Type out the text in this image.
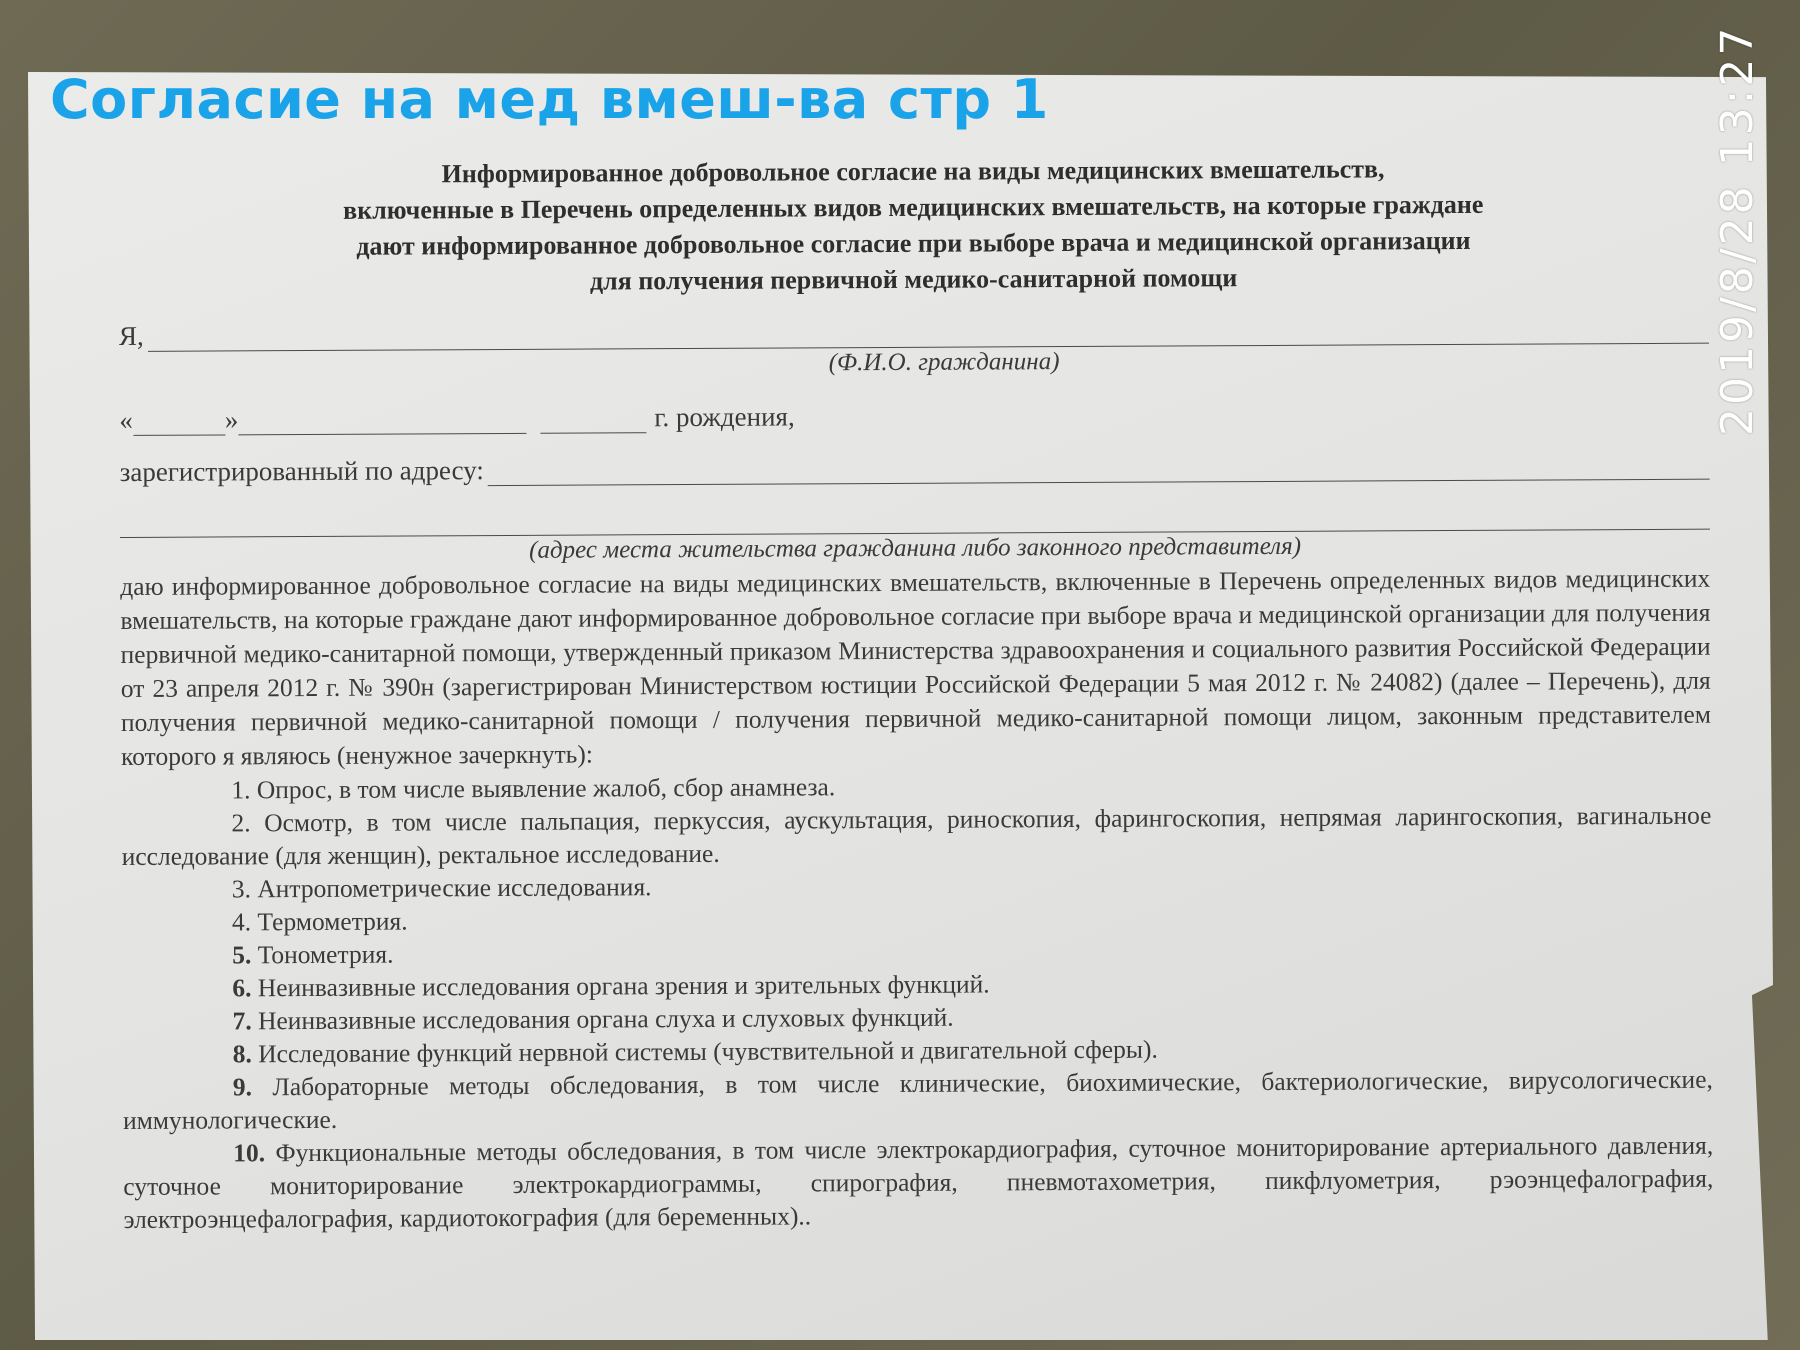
Согласие на мед вмеш-ва стр 1	2019/8/28 13:27
Информированное добровольное согласие на виды медицинских вмешательств,
включенные в Перечень определенных видов медицинских вмешательств, на которые граждане
дают информированное добровольное согласие при выборе врача и медицинской организации
для получения первичной медико-санитарной помощи
Я,
(Ф.И.О. гражданина)
«	»	г. рождения,
зарегистрированный по адресу:
(адрес места жительства гражданина либо законного представителя)

даю информированное добровольное согласие на виды медицинских вмешательств, включенные в Перечень определенных видов медицинских вмешательств, на которые граждане дают информированное добровольное согласие при выборе врача и медицинской организации для получения первичной медико-санитарной помощи, утвержденный приказом Министерства здравоохранения и социального развития Российской Федерации от 23 апреля 2012 г. № 390н (зарегистрирован Министерством юстиции Российской Федерации 5 мая 2012 г. № 24082) (далее – Перечень), для получения первичной медико-санитарной помощи / получения первичной медико-санитарной помощи лицом, законным представителем которого я являюсь (ненужное зачеркнуть):

1. Опрос, в том числе выявление жалоб, сбор анамнеза.
2. Осмотр, в том числе пальпация, перкуссия, аускультация, риноскопия, фарингоскопия, непрямая ларингоскопия, вагинальное исследование (для женщин), ректальное исследование.
3. Антропометрические исследования.
4. Термометрия.
5. Тонометрия.
6. Неинвазивные исследования органа зрения и зрительных функций.
7. Неинвазивные исследования органа слуха и слуховых функций.
8. Исследование функций нервной системы (чувствительной и двигательной сферы).
9. Лабораторные методы обследования, в том числе клинические, биохимические, бактериологические, вирусологические, иммунологические.
10. Функциональные методы обследования, в том числе электрокардиография, суточное мониторирование артериального давления, суточное мониторирование электрокардиограммы, спирография, пневмотахометрия, пикфлуометрия, рэоэнцефалография, электроэнцефалография, кардиотокография (для беременных)..
